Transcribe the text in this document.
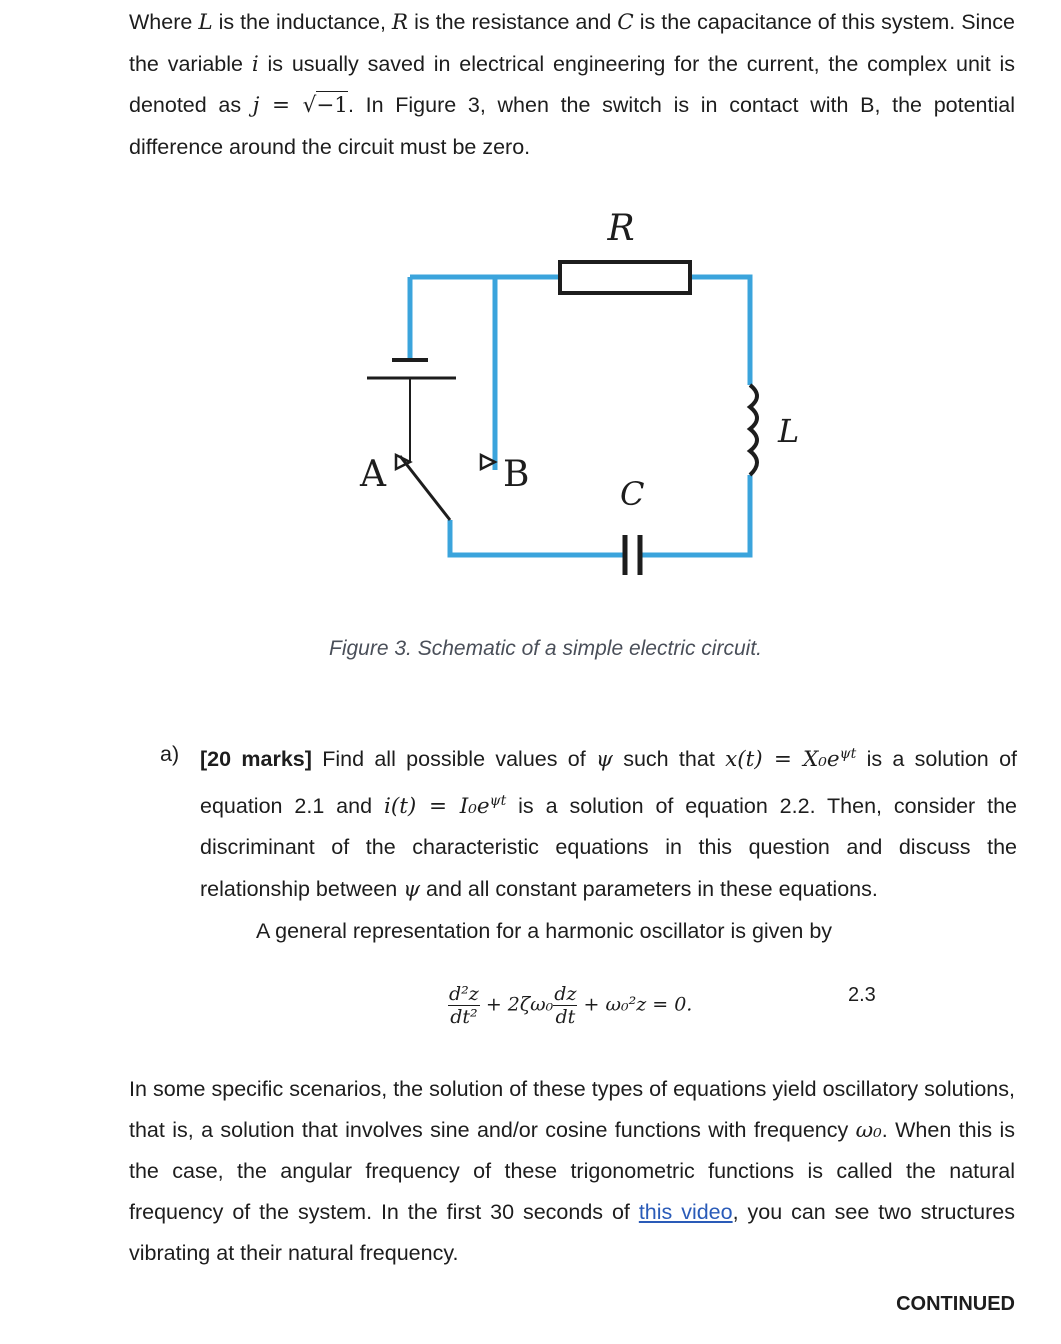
Where L is the inductance, R is the resistance and C is the capacitance of this system. Since the variable i is usually saved in electrical engineering for the current, the complex unit is denoted as j = √−1. In Figure 3, when the switch is in contact with B, the potential difference around the circuit must be zero.

R
L
C
A	B
Figure 3. Schematic of a simple electric circuit.
a) [20 marks] Find all possible values of ψ such that $x(t) = X_0e^{\psi t}$ is a solution of equation 2.1 and $i(t) = I_0e^{\psi t}$ is a solution of equation 2.2. Then, consider the discriminant of the characteristic equations in this question and discuss the relationship between ψ and all constant parameters in these equations.
A general representation for a harmonic oscillator is given by
$\frac{\text{d²z}}{\text{dt²}} + 2\zeta\omega_0 \frac{dz}{dt} + \omega_0^2z = 0$.	2.3

In some specific scenarios, the solution of these types of equations yield oscillatory solutions, that is, a solution that involves sine and/or cosine functions with frequency ω₀. When this is the case, the angular frequency of these trigonometric functions is called the natural frequency of the system. In the first 30 seconds of this video, you can see two structures vibrating at their natural frequency.

CONTINUED
